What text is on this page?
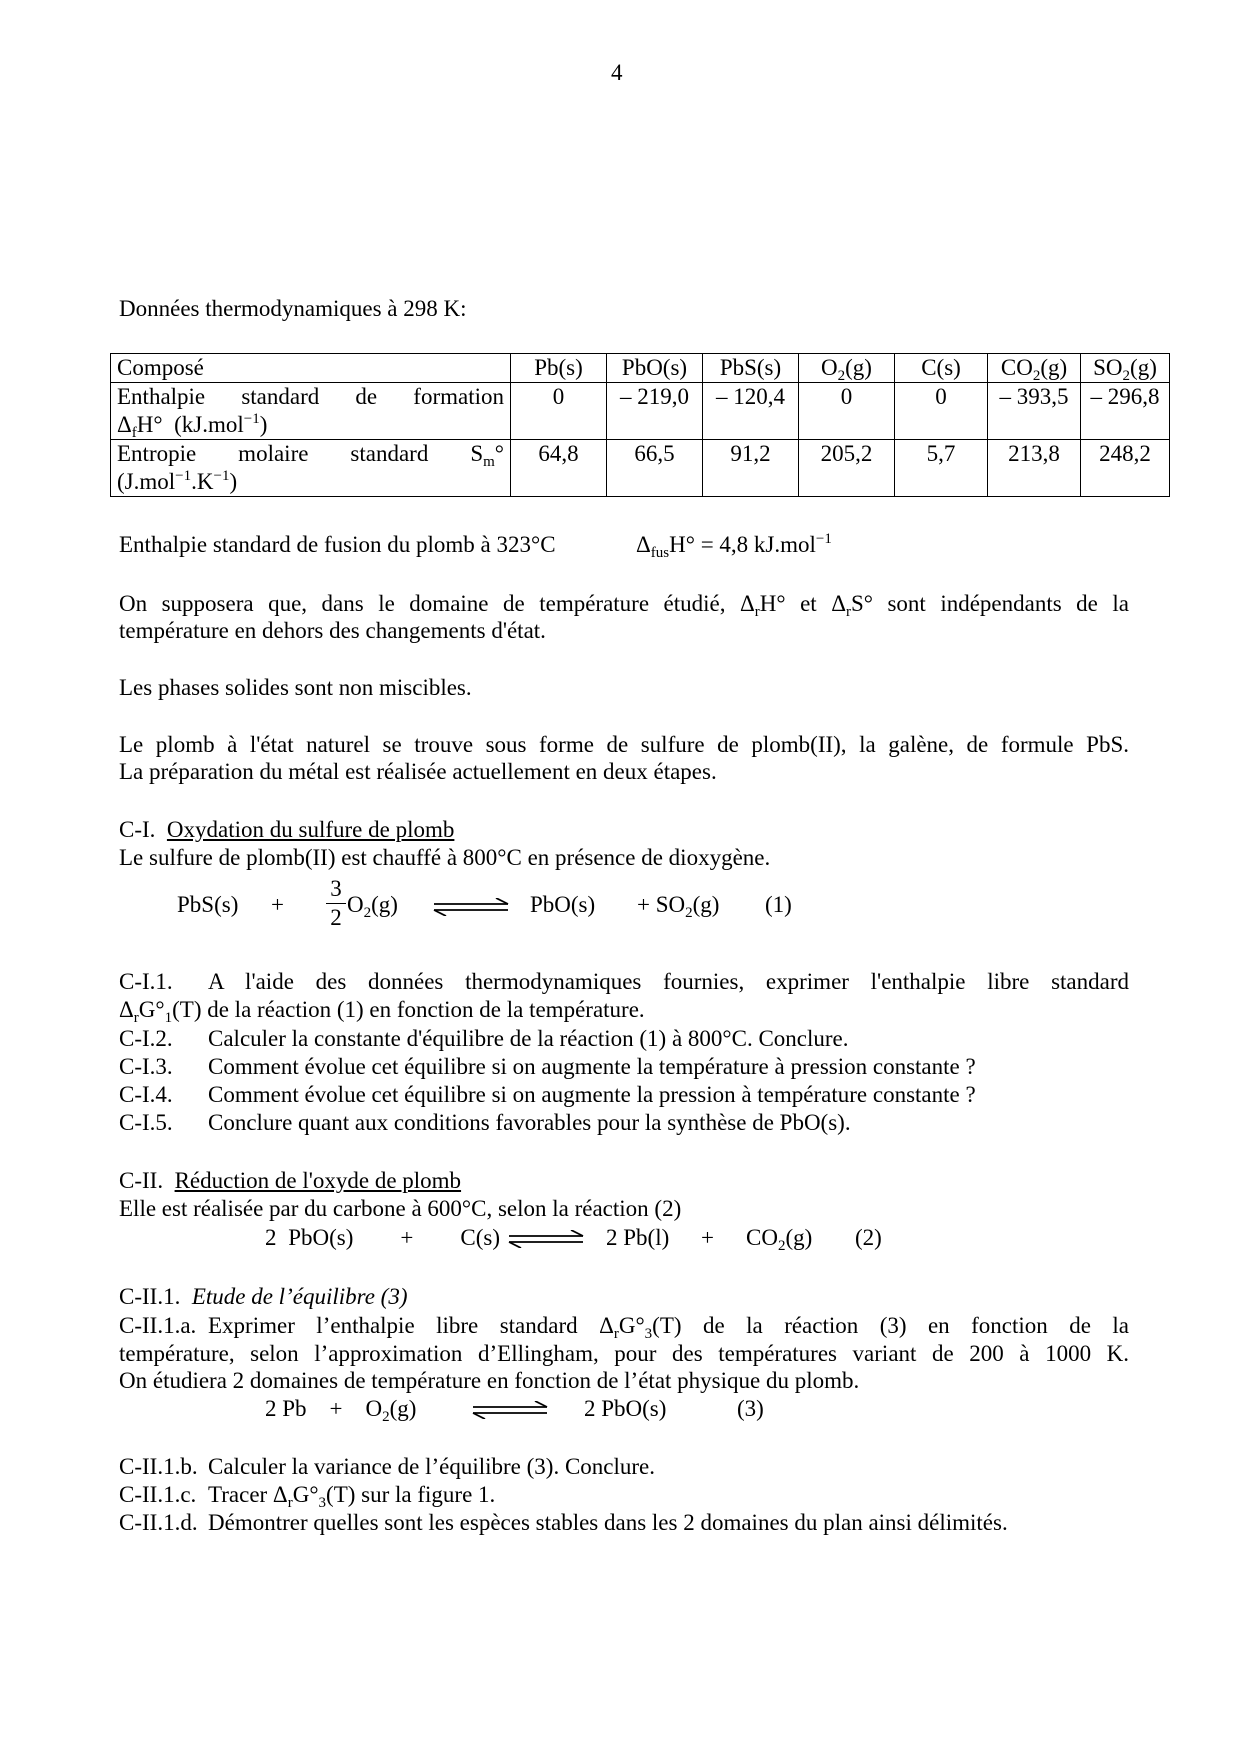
4
Données thermodynamiques à 298 K:
Composé	Pb(s)	PbO(s)	PbS(s)	$O_2(g)$	C(s)	$CO_2(g)$	$SO_2(g)$

Enthalpie standard de formation
$\Delta_fH^\circ$  (kJ.mol$^{-1}$)	0	– 219,0	– 120,4	0	0	– 393,5	– 296,8

Entropie molaire standard $S_m^\circ$
$(J.mol^{-1}.K^{-1})$	64,8	66,5	91,2	205,2	5,7	213,8	248,2
Enthalpie standard de fusion du plomb à 323°C	$\Delta_{fus}H^\circ = 4,8$ kJ.mol$^{-1}$
On supposera que, dans le domaine de température étudié, $\Delta_rH^\circ$ et $\Delta_rS^\circ$ sont indépendants de la
température en dehors des changements d'état.
Les phases solides sont non miscibles.
Le plomb à l'état naturel se trouve sous forme de sulfure de plomb(II), la galène, de formule PbS.
La préparation du métal est réalisée actuellement en deux étapes.
C-I. Oxydation du sulfure de plomb
Le sulfure de plomb(II) est chauffé à 800°C en présence de dioxygène.
PbS(s) +
3
2
$O_2(g)$ ⇌ $PbO(s) + SO_2(g)$ (1)
C-I.1. A l'aide des données thermodynamiques fournies, exprimer l'enthalpie libre standard
$\Delta_rG^\circ_1(T)$ de la réaction (1) en fonction de la température.
C-I.2. Calculer la constante d'équilibre de la réaction (1) à 800°C. Conclure.
C-I.3. Comment évolue cet équilibre si on augmente la température à pression constante ?
C-I.4. Comment évolue cet équilibre si on augmente la pression à température constante ?
C-I.5. Conclure quant aux conditions favorables pour la synthèse de PbO(s).
C-II. Réduction de l'oxyde de plomb
Elle est réalisée par du carbone à 600°C, selon la réaction (2)
2 PbO(s)    +    C(s) ⇌ 2 $Pb(l) + CO_2(g)$ (2)
C-II.1. Etude de l’équilibre (3)
C-II.1.a. Exprimer l’enthalpie libre standard $\Delta_rG^\circ_3(T)$ de la réaction (3) en fonction de la
température, selon l’approximation d’Ellingham, pour des températures variant de 200 à 1000 K.
On étudiera 2 domaines de température en fonction de l’état physique du plomb.
2 Pb    +    $O_2(g)$	2 PbO(s)	(3)
C-II.1.b. Calculer la variance de l’équilibre (3). Conclure.
C-II.1.c. Tracer $\Delta_rG^\circ_3(T)$ sur la figure 1.
C-II.1.d. Démontrer quelles sont les espèces stables dans les 2 domaines du plan ainsi délimités.
